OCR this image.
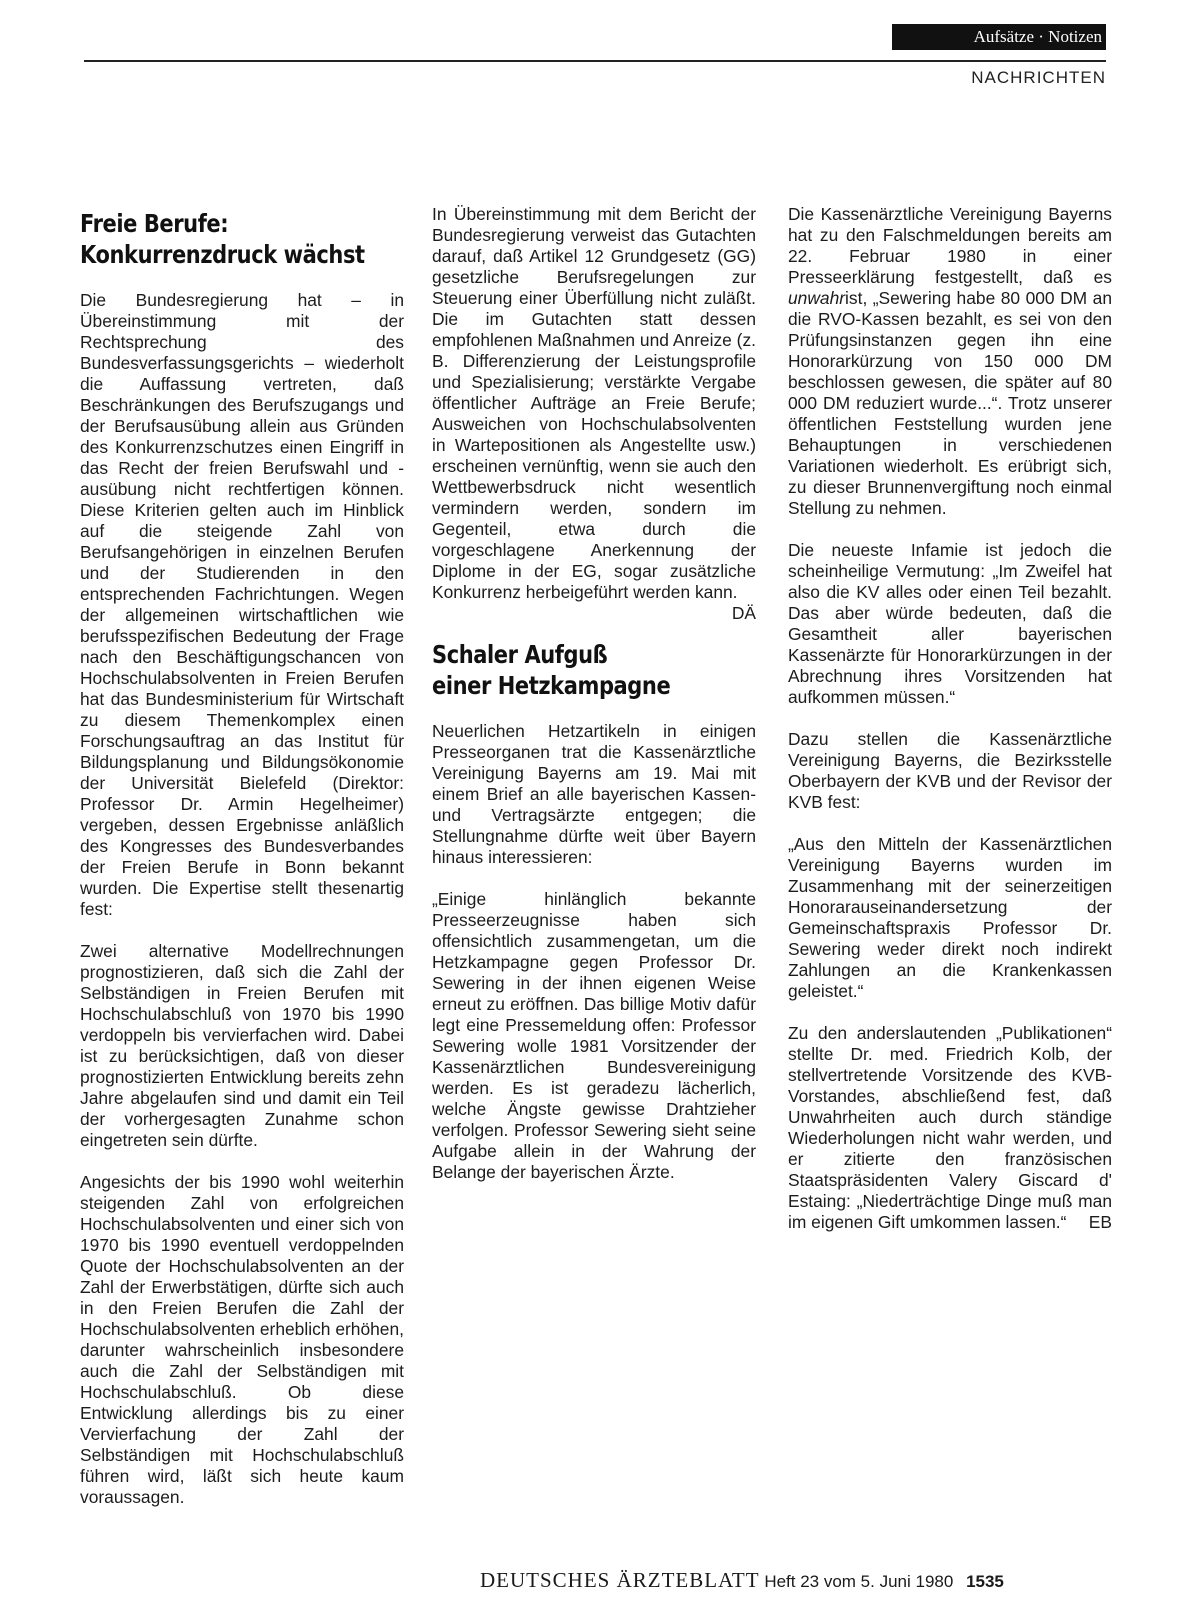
Aufsätze · Notizen
NACHRICHTEN
Freie Berufe:
Konkurrenzdruck wächst

Die Bundesregierung hat – in Übereinstimmung mit der Rechtsprechung des Bundesverfassungsgerichts – wiederholt die Auffassung vertreten, daß Beschränkungen des Berufszugangs und der Berufsausübung allein aus Gründen des Konkurrenzschutzes einen Eingriff in das Recht der freien Berufswahl und -ausübung nicht rechtfertigen können. Diese Kriterien gelten auch im Hinblick auf die steigende Zahl von Berufsangehörigen in einzelnen Berufen und der Studierenden in den entsprechenden Fachrichtungen. Wegen der allgemeinen wirtschaftlichen wie berufsspezifischen Bedeutung der Frage nach den Beschäftigungschancen von Hochschulabsolventen in Freien Berufen hat das Bundesministerium für Wirtschaft zu diesem Themenkomplex einen Forschungsauftrag an das Institut für Bildungsplanung und Bildungsökonomie der Universität Bielefeld (Direktor: Professor Dr. Armin Hegelheimer) vergeben, dessen Ergebnisse anläßlich des Kongresses des Bundesverbandes der Freien Berufe in Bonn bekannt wurden. Die Expertise stellt thesenartig fest:

Zwei alternative Modellrechnungen prognostizieren, daß sich die Zahl der Selbständigen in Freien Berufen mit Hochschulabschluß von 1970 bis 1990 verdoppeln bis vervierfachen wird. Dabei ist zu berücksichtigen, daß von dieser prognostizierten Entwicklung bereits zehn Jahre abgelaufen sind und damit ein Teil der vorhergesagten Zunahme schon eingetreten sein dürfte.

Angesichts der bis 1990 wohl weiterhin steigenden Zahl von erfolgreichen Hochschulabsolventen und einer sich von 1970 bis 1990 eventuell verdoppelnden Quote der Hochschulabsolventen an der Zahl der Erwerbstätigen, dürfte sich auch in den Freien Berufen die Zahl der Hochschulabsolventen erheblich erhöhen, darunter wahrscheinlich insbesondere auch die Zahl der Selbständigen mit Hochschulabschluß. Ob diese Entwicklung allerdings bis zu einer Vervierfachung der Zahl der Selbständigen mit Hochschulabschluß führen wird, läßt sich heute kaum voraussagen.

In Übereinstimmung mit dem Bericht der Bundesregierung verweist das Gutachten darauf, daß Artikel 12 Grundgesetz (GG) gesetzliche Berufsregelungen zur Steuerung einer Überfüllung nicht zuläßt. Die im Gutachten statt dessen empfohlenen Maßnahmen und Anreize (z. B. Differenzierung der Leistungsprofile und Spezialisierung; verstärkte Vergabe öffentlicher Aufträge an Freie Berufe; Ausweichen von Hochschulabsolventen in Wartepositionen als Angestellte usw.) erscheinen vernünftig, wenn sie auch den Wettbewerbsdruck nicht wesentlich vermindern werden, sondern im Gegenteil, etwa durch die vorgeschlagene Anerkennung der Diplome in der EG, sogar zusätzliche Konkurrenz herbeigeführt werden kann.
DÄ

Schaler Aufguß
einer Hetzkampagne

Neuerlichen Hetzartikeln in einigen Presseorganen trat die Kassenärztliche Vereinigung Bayerns am 19. Mai mit einem Brief an alle bayerischen Kassen- und Vertragsärzte entgegen; die Stellungnahme dürfte weit über Bayern hinaus interessieren:

„Einige hinlänglich bekannte Presseerzeugnisse haben sich offensichtlich zusammengetan, um die Hetzkampagne gegen Professor Dr. Sewering in der ihnen eigenen Weise erneut zu eröffnen. Das billige Motiv dafür legt eine Pressemeldung offen: Professor Sewering wolle 1981 Vorsitzender der Kassenärztlichen Bundesvereinigung werden. Es ist geradezu lächerlich, welche Ängste gewisse Drahtzieher verfolgen. Professor Sewering sieht seine Aufgabe allein in der Wahrung der Belange der bayerischen Ärzte.

Die Kassenärztliche Vereinigung Bayerns hat zu den Falschmeldungen bereits am 22. Februar 1980 in einer Presseerklärung festgestellt, daß es unwahrist, „Sewering habe 80 000 DM an die RVO-Kassen bezahlt, es sei von den Prüfungsinstanzen gegen ihn eine Honorarkürzung von 150 000 DM beschlossen gewesen, die später auf 80 000 DM reduziert wurde...“. Trotz unserer öffentlichen Feststellung wurden jene Behauptungen in verschiedenen Variationen wiederholt. Es erübrigt sich, zu dieser Brunnenvergiftung noch einmal Stellung zu nehmen.

Die neueste Infamie ist jedoch die scheinheilige Vermutung: „Im Zweifel hat also die KV alles oder einen Teil bezahlt. Das aber würde bedeuten, daß die Gesamtheit aller bayerischen Kassenärzte für Honorarkürzungen in der Abrechnung ihres Vorsitzenden hat aufkommen müssen.“

Dazu stellen die Kassenärztliche Vereinigung Bayerns, die Bezirksstelle Oberbayern der KVB und der Revisor der KVB fest:

„Aus den Mitteln der Kassenärztlichen Vereinigung Bayerns wurden im Zusammenhang mit der seinerzeitigen Honorarauseinandersetzung der Gemeinschaftspraxis Professor Dr. Sewering weder direkt noch indirekt Zahlungen an die Krankenkassen geleistet.“

Zu den anderslautenden „Publikationen“ stellte Dr. med. Friedrich Kolb, der stellvertretende Vorsitzende des KVB-Vorstandes, abschließend fest, daß Unwahrheiten auch durch ständige Wiederholungen nicht wahr werden, und er zitierte den französischen Staatspräsidenten Valery Giscard d' Estaing: „Niederträchtige Dinge muß man im eigenen Gift umkommen lassen.“ EB

DEUTSCHES ÄRZTEBLATT Heft 23 vom 5. Juni 1980 1535
